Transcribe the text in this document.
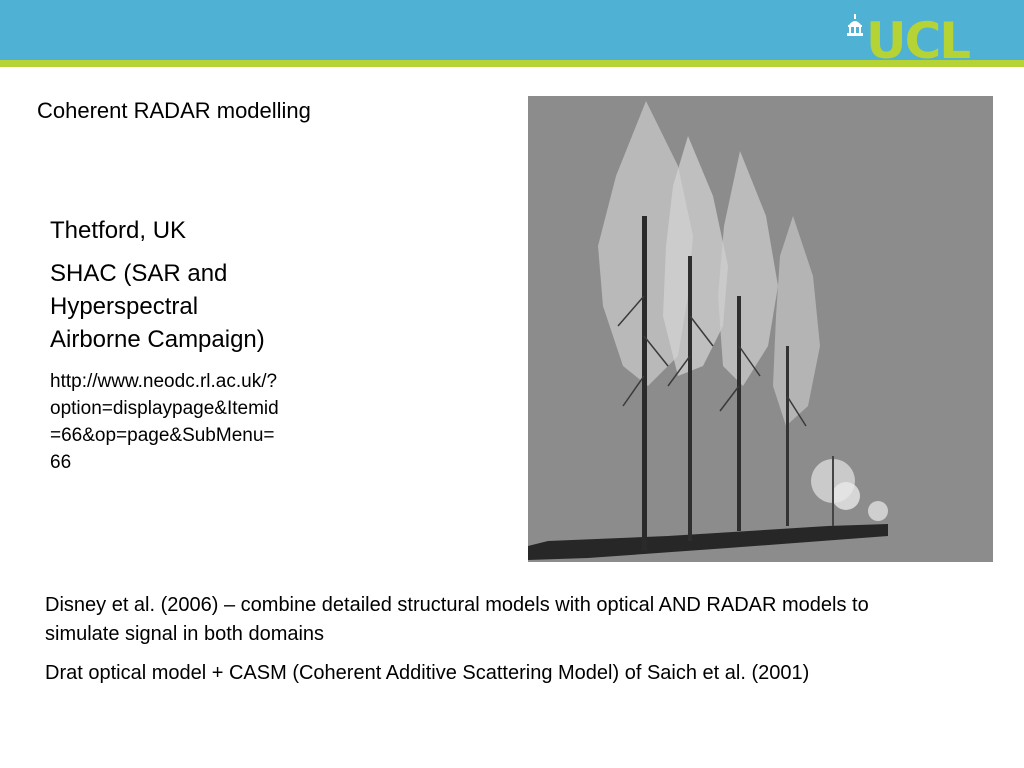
UCL
Coherent RADAR modelling

Thetford, UK

SHAC (SAR and Hyperspectral Airborne Campaign)

http://www.neodc.rl.ac.uk/?option=displaypage&Itemid=66&op=page&SubMenu=66

Disney et al. (2006) – combine detailed structural models with optical AND RADAR models to simulate signal in both domains

Drat optical model + CASM (Coherent Additive Scattering Model) of Saich et al. (2001)
